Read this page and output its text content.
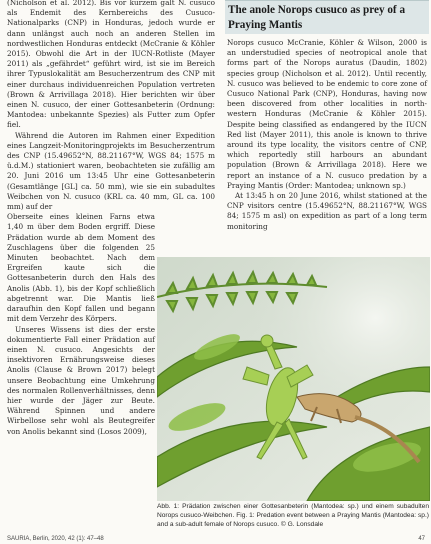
(Nicholson et al. 2012). Bis vor kurzem galt N. cusuco als Endemit des Kernbereichs des Cusuco-Nationalparks (CNP) in Honduras, jedoch wurde er dann unlängst auch noch an anderen Stellen im nordwestlichen Honduras entdeckt (McCranie & Köhler 2015). Obwohl die Art in der IUCN-Rotliste (Mayer 2011) als „gefährdet“ geführt wird, ist sie im Bereich ihrer Typuslokalität am Besucherzentrum des CNP mit einer durchaus individuenreichen Population vertreten (Brown & Arrivillaga 2018). Hier berichten wir über einen N. cusuco, der einer Gottesanbeterin (Ordnung: Mantodea: unbekannte Spezies) als Futter zum Opfer fiel.

Während die Autoren im Rahmen einer Expedition eines Langzeit-Monitoringprojekts im Besucherzentrum des CNP (15.49652°N, 88.21167°W, WGS 84; 1575 m ü.d.M.) stationiert waren, beobachteten sie zufällig am 20. Juni 2016 um 13:45 Uhr eine Gottesanbeterin (Gesamtlänge [GL] ca. 50 mm), wie sie ein subadultes Weibchen von N. cusuco (KRL ca. 40 mm, GL ca. 100 mm) auf der

Oberseite eines kleinen Farns etwa 1,40 m über dem Boden ergriff. Diese Prädation wurde ab dem Moment des Zuschlagens über die folgenden 25 Minuten beobachtet. Nach dem Ergreifen kaute sich die Gottesanbeterin durch den Hals des Anolis (Abb. 1), bis der Kopf schließlich abgetrennt war. Die Mantis ließ daraufhin den Kopf fallen und begann mit dem Verzehr des Körpers.

Unseres Wissens ist dies der erste dokumentierte Fall einer Prädation auf einen N. cusuco. Angesichts der insektivoren Ernährungsweise dieses Anolis (Clause & Brown 2017) belegt unsere Beobachtung eine Umkehrung des normalen Rollenverhältnisses, denn hier wurde der Jäger zur Beute. Während Spinnen und andere Wirbellose sehr wohl als Beutegreifer von Anolis bekannt sind (Losos 2009),

The anole Norops cusuco as prey of a Praying Mantis

Norops cusuco McCranie, Köhler & Wilson, 2000 is an understudied species of neotropical anole that forms part of the Norops auratus (Daudin, 1802) species group (Nicholson et al. 2012). Until recently, N. cusuco was believed to be endemic to core zone of Cusuco National Park (CNP), Honduras, having now been discovered from other localities in north-western Honduras (McCranie & Köhler 2015). Despite being classified as endangered by the IUCN Red list (Mayer 2011), this anole is known to thrive around its type locality, the visitors centre of CNP, which reportedly still harbours an abundant population (Brown & Arrivillaga 2018). Here we report an instance of a N. cusuco predation by a Praying Mantis (Order: Mantodea; unknown sp.)

At 13:45 h on 20 June 2016, whilst stationed at the CNP visitors centre (15.49652°N, 88.21167°W, WGS 84; 1575 m asl) on expedition as part of a long term monitoring

Abb. 1: Prädation zwischen einer Gottesanbeterin (Mantodea: sp.) und einem subadulten Norops cusuco-Weibchen. Fig. 1: Predation event between a Praying Mantis (Mantodea: sp.) and a sub-adult female of Norops cusuco. © G. Lonsdale
SAURIA, Berlin, 2020, 42 (1): 47–48	47
